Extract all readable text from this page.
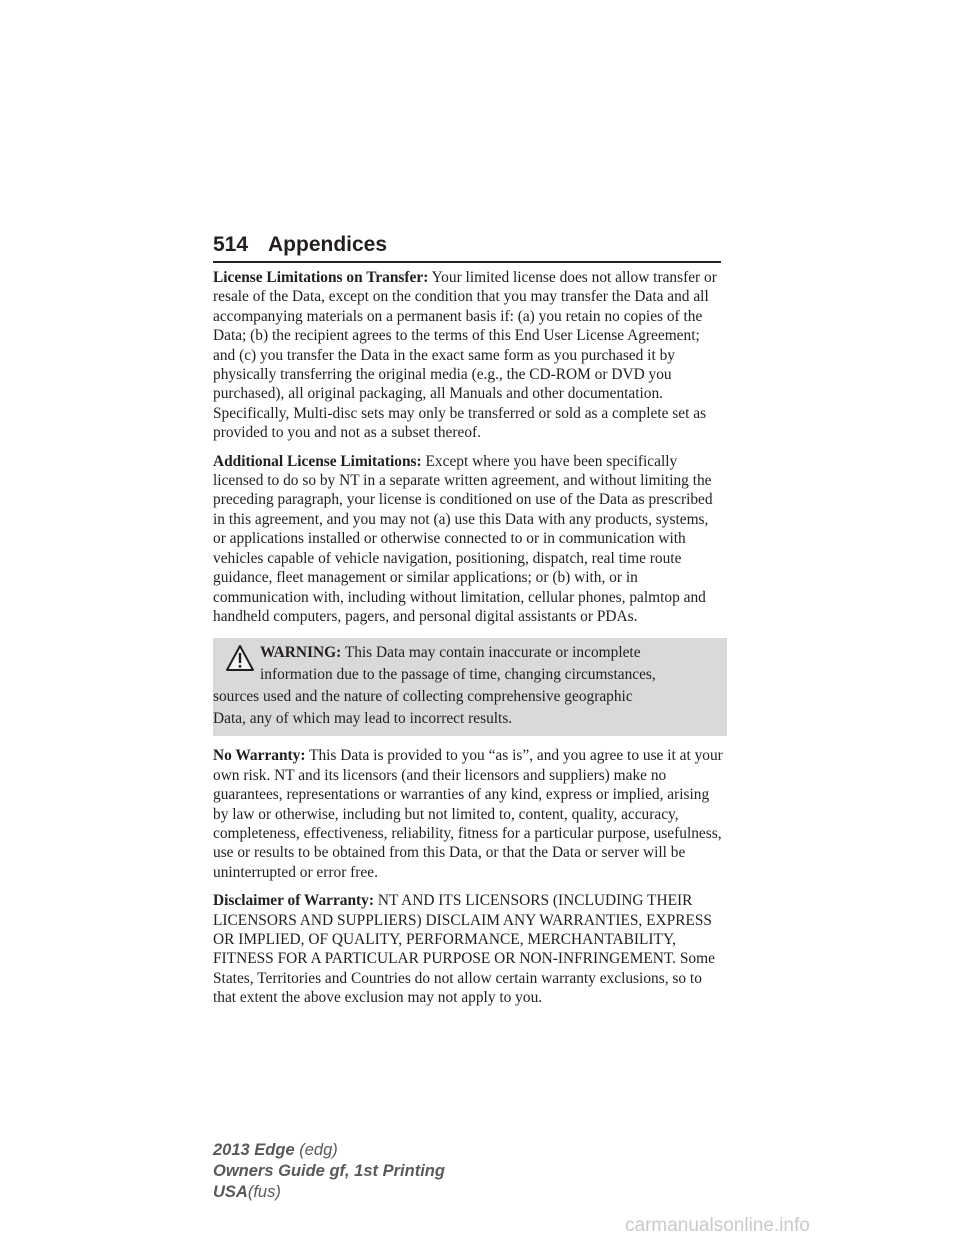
514 Appendices

License Limitations on Transfer: Your limited license does not allow transfer or resale of the Data, except on the condition that you may transfer the Data and all accompanying materials on a permanent basis if: (a) you retain no copies of the Data; (b) the recipient agrees to the terms of this End User License Agreement; and (c) you transfer the Data in the exact same form as you purchased it by physically transferring the original media (e.g., the CD-ROM or DVD you purchased), all original packaging, all Manuals and other documentation. Specifically, Multi-disc sets may only be transferred or sold as a complete set as provided to you and not as a subset thereof.

Additional License Limitations: Except where you have been specifically licensed to do so by NT in a separate written agreement, and without limiting the preceding paragraph, your license is conditioned on use of the Data as prescribed in this agreement, and you may not (a) use this Data with any products, systems, or applications installed or otherwise connected to or in communication with vehicles capable of vehicle navigation, positioning, dispatch, real time route guidance, fleet management or similar applications; or (b) with, or in communication with, including without limitation, cellular phones, palmtop and handheld computers, pagers, and personal digital assistants or PDAs.

WARNING: This Data may contain inaccurate or incomplete

information due to the passage of time, changing circumstances,

sources used and the nature of collecting comprehensive geographic

Data, any of which may lead to incorrect results.

No Warranty: This Data is provided to you “as is”, and you agree to use it at your own risk. NT and its licensors (and their licensors and suppliers) make no guarantees, representations or warranties of any kind, express or implied, arising by law or otherwise, including but not limited to, content, quality, accuracy, completeness, effectiveness, reliability, fitness for a particular purpose, usefulness, use or results to be obtained from this Data, or that the Data or server will be uninterrupted or error free.

Disclaimer of Warranty: NT AND ITS LICENSORS (INCLUDING THEIR LICENSORS AND SUPPLIERS) DISCLAIM ANY WARRANTIES, EXPRESS OR IMPLIED, OF QUALITY, PERFORMANCE, MERCHANTABILITY, FITNESS FOR A PARTICULAR PURPOSE OR NON-INFRINGEMENT. Some States, Territories and Countries do not allow certain warranty exclusions, so to that extent the above exclusion may not apply to you.

2013 Edge (edg)
Owners Guide gf, 1st Printing
USA(fus)
carmanualsonline.info
